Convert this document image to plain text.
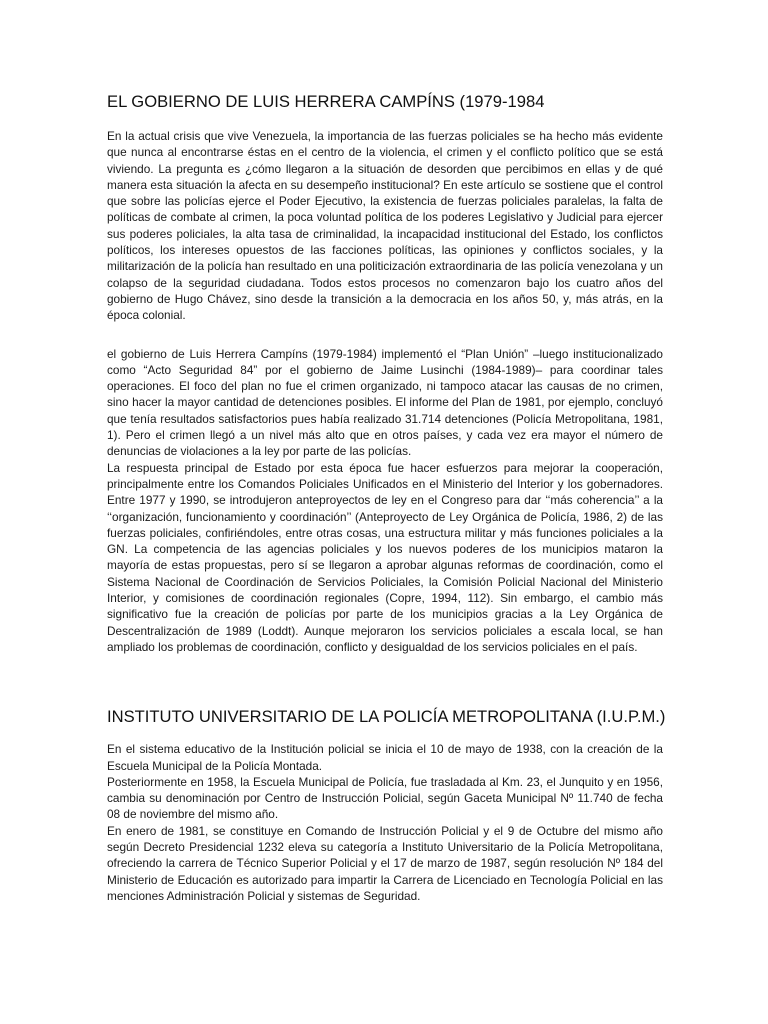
EL GOBIERNO DE LUIS HERRERA CAMPÍNS (1979-1984

En la actual crisis que vive Venezuela, la importancia de las fuerzas policiales se ha hecho más evidente que nunca al encontrarse éstas en el centro de la violencia, el crimen y el conflicto político que se está viviendo. La pregunta es ¿cómo llegaron a la situación de desorden que percibimos en ellas y de qué manera esta situación la afecta en su desempeño institucional? En este artículo se sostiene que el control que sobre las policías ejerce el Poder Ejecutivo, la existencia de fuerzas policiales paralelas, la falta de políticas de combate al crimen, la poca voluntad política de los poderes Legislativo y Judicial para ejercer sus poderes policiales, la alta tasa de criminalidad, la incapacidad institucional del Estado, los conflictos políticos, los intereses opuestos de las facciones políticas, las opiniones y conflictos sociales, y la militarización de la policía han resultado en una politicización extraordinaria de las policía venezolana y un colapso de la seguridad ciudadana. Todos estos procesos no comenzaron bajo los cuatro años del gobierno de Hugo Chávez, sino desde la transición a la democracia en los años 50, y, más atrás, en la época colonial.

el gobierno de Luis Herrera Campíns (1979-1984) implementó el “Plan Unión” –luego institucionalizado como “Acto Seguridad 84” por el gobierno de Jaime Lusinchi (1984-1989)– para coordinar tales operaciones. El foco del plan no fue el crimen organizado, ni tampoco atacar las causas de no crimen, sino hacer la mayor cantidad de detenciones posibles. El informe del Plan de 1981, por ejemplo, concluyó que tenía resultados satisfactorios pues había realizado 31.714 detenciones (Policía Metropolitana, 1981, 1). Pero el crimen llegó a un nivel más alto que en otros países, y cada vez era mayor el número de denuncias de violaciones a la ley por parte de las policías.

La respuesta principal de Estado por esta época fue hacer esfuerzos para mejorar la cooperación, principalmente entre los Comandos Policiales Unificados en el Ministerio del Interior y los gobernadores. Entre 1977 y 1990, se introdujeron anteproyectos de ley en el Congreso para dar ‘‘más coherencia’’ a la ‘‘organización, funcionamiento y coordinación’’ (Anteproyecto de Ley Orgánica de Policía, 1986, 2) de las fuerzas policiales, confiriéndoles, entre otras cosas, una estructura militar y más funciones policiales a la GN. La competencia de las agencias policiales y los nuevos poderes de los municipios mataron la mayoría de estas propuestas, pero sí se llegaron a aprobar algunas reformas de coordinación, como el Sistema Nacional de Coordinación de Servicios Policiales, la Comisión Policial Nacional del Ministerio Interior, y comisiones de coordinación regionales (Copre, 1994, 112). Sin embargo, el cambio más significativo fue la creación de policías por parte de los municipios gracias a la Ley Orgánica de Descentralización de 1989 (Loddt). Aunque mejoraron los servicios policiales a escala local, se han ampliado los problemas de coordinación, conflicto y desigualdad de los servicios policiales en el país.

INSTITUTO UNIVERSITARIO DE LA POLICÍA METROPOLITANA (I.U.P.M.)

En el sistema educativo de la Institución policial se inicia el 10 de mayo de 1938, con la creación de la Escuela Municipal de la Policía Montada.

Posteriormente en 1958, la Escuela Municipal de Policía, fue trasladada al Km. 23, el Junquito y en 1956, cambia su denominación por Centro de Instrucción Policial, según Gaceta Municipal Nº 11.740 de fecha 08 de noviembre del mismo año.

En enero de 1981, se constituye en Comando de Instrucción Policial y el 9 de Octubre del mismo año según Decreto Presidencial 1232 eleva su categoría a Instituto Universitario de la Policía Metropolitana, ofreciendo la carrera de Técnico Superior Policial y el 17 de marzo de 1987, según resolución Nº 184 del Ministerio de Educación es autorizado para impartir la Carrera de Licenciado en Tecnología Policial en las menciones Administración Policial y sistemas de Seguridad.
